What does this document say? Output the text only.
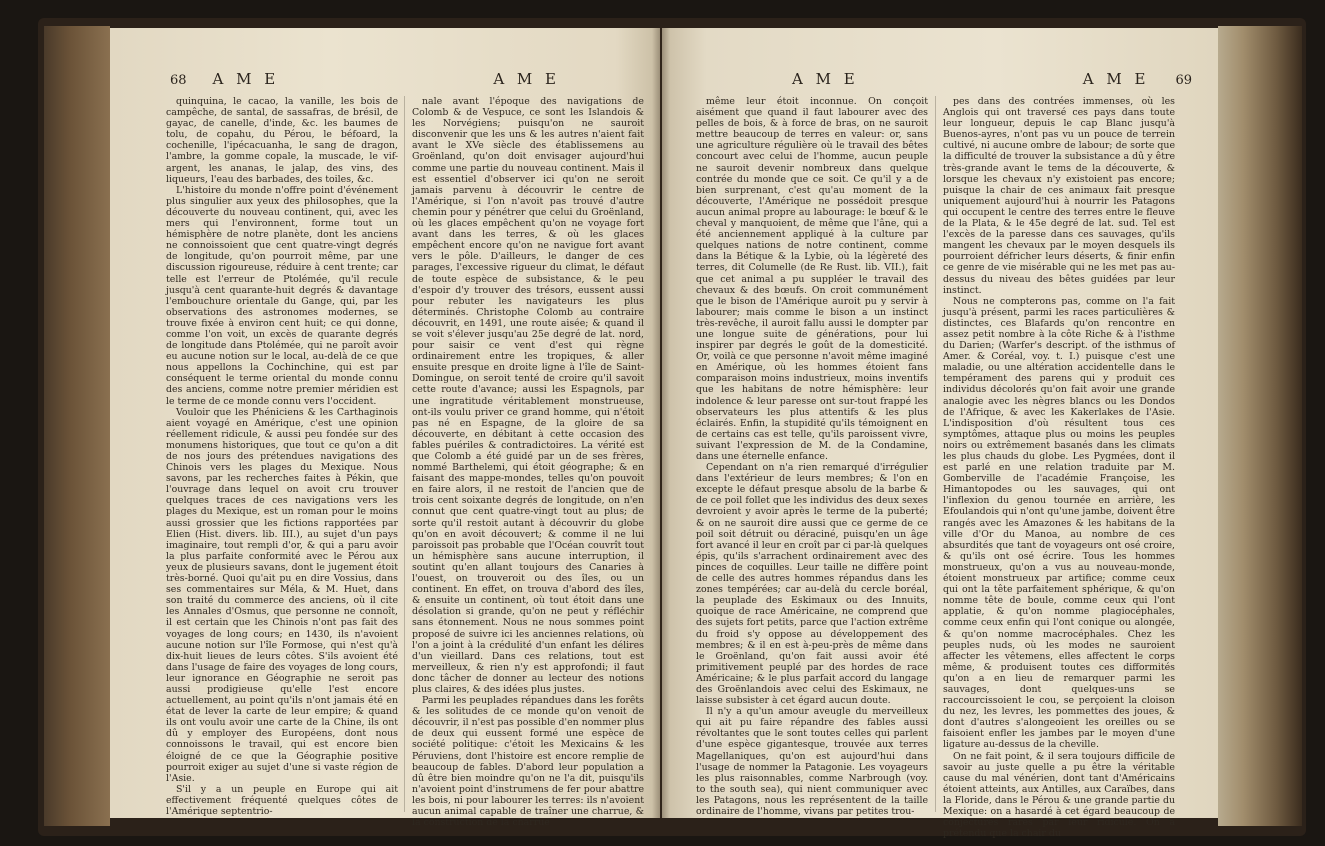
68 A M E	A M E

quinquina, le cacao, la vanille, les bois de campêche, de santal, de sassafras, de brésil, de gayac, de canelle, d'inde, &c. les baumes de tolu, de copahu, du Pérou, le béfoard, la cochenille, l'ipécacuanha, le sang de dragon, l'ambre, la gomme copale, la muscade, le vif-argent, les ananas, le jalap, des vins, des liqueurs, l'eau des barbades, des toiles, &c.

L'histoire du monde n'offre point d'événement plus singulier aux yeux des philosophes, que la découverte du nouveau continent, qui, avec les mers qui l'environnent, forme tout un hémisphère de notre planète, dont les anciens ne connoissoient que cent quatre-vingt degrés de longitude, qu'on pourroit même, par une discussion rigoureuse, réduire à cent trente; car telle est l'erreur de Ptolémée, qu'il recule jusqu'à cent quarante-huit degrés & davantage l'embouchure orientale du Gange, qui, par les observations des astronomes modernes, se trouve fixée à environ cent huit; ce qui donne, comme l'on voit, un excès de quarante degrés de longitude dans Ptolémée, qui ne paroît avoir eu aucune notion sur le local, au-delà de ce que nous appellons la Cochinchine, qui est par conséquent le terme oriental du monde connu des anciens, comme notre premier méridien est le terme de ce monde connu vers l'occident.

Vouloir que les Phéniciens & les Carthaginois aient voyagé en Amérique, c'est une opinion réellement ridicule, & aussi peu fondée sur des monumens historiques, que tout ce qu'on a dit de nos jours des prétendues navigations des Chinois vers les plages du Mexique. Nous savons, par les recherches faites à Pékin, que l'ouvrage dans lequel on avoit cru trouver quelques traces de ces navigations vers les plages du Mexique, est un roman pour le moins aussi grossier que les fictions rapportées par Elien (Hist. divers. lib. III.), au sujet d'un pays imaginaire, tout rempli d'or, & qui a paru avoir la plus parfaite conformité avec le Pérou aux yeux de plusieurs savans, dont le jugement étoit très-borné. Quoi qu'ait pu en dire Vossius, dans ses commentaires sur Méla, & M. Huet, dans son traité du commerce des anciens, où il cite les Annales d'Osmus, que personne ne connoît, il est certain que les Chinois n'ont pas fait des voyages de long cours; en 1430, ils n'avoient aucune notion sur l'île Formose, qui n'est qu'à dix-huit lieues de leurs côtes. S'ils avoient été dans l'usage de faire des voyages de long cours, leur ignorance en Géographie ne seroit pas aussi prodigieuse qu'elle l'est encore actuellement, au point qu'ils n'ont jamais été en état de lever la carte de leur empire; & quand ils ont voulu avoir une carte de la Chine, ils ont dû y employer des Européens, dont nous connoissons le travail, qui est encore bien éloigné de ce que la Géographie positive pourroit exiger au sujet d'une si vaste région de l'Asie.

S'il y a un peuple en Europe qui ait effectivement fréquenté quelques côtes de l'Amérique septentrio-

nale avant l'époque des navigations de Colomb & de Vespuce, ce sont les Islandois & les Norvégiens; puisqu'on ne sauroit disconvenir que les uns & les autres n'aient fait avant le XVe siècle des établissemens au Groënland, qu'on doit envisager aujourd'hui comme une partie du nouveau continent. Mais il est essentiel d'observer ici qu'on ne seroit jamais parvenu à découvrir le centre de l'Amérique, si l'on n'avoit pas trouvé d'autre chemin pour y pénétrer que celui du Groënland, où les glaces empêchent qu'on ne voyage fort avant dans les terres, & où les glaces empêchent encore qu'on ne navigue fort avant vers le pôle. D'ailleurs, le danger de ces parages, l'excessive rigueur du climat, le défaut de toute espèce de subsistance, & le peu d'espoir d'y trouver des trésors, eussent aussi pour rebuter les navigateurs les plus déterminés. Christophe Colomb au contraire découvrit, en 1491, une route aisée; & quand il se voit s'élever jusqu'au 25e degré de lat. nord, pour saisir ce vent d'est qui règne ordinairement entre les tropiques, & aller ensuite presque en droite ligne à l'île de Saint-Domingue, on seroit tenté de croire qu'il savoit cette route d'avance; aussi les Espagnols, par une ingratitude véritablement monstrueuse, ont-ils voulu priver ce grand homme, qui n'étoit pas né en Espagne, de la gloire de sa découverte, en débitant à cette occasion des fables puériles & contradictoires. La vérité est que Colomb a été guidé par un de ses frères, nommé Barthelemi, qui étoit géographe; & en faisant des mappe-mondes, telles qu'on pouvoit en faire alors, il ne restoit de l'ancien que de trois cent soixante degrés de longitude, on n'en connut que cent quatre-vingt tout au plus; de sorte qu'il restoit autant à découvrir du globe qu'on en avoit découvert; & comme il ne lui paroissoit pas probable que l'Océan couvrît tout un hémisphère sans aucune interruption, il soutint qu'en allant toujours des Canaries à l'ouest, on trouveroit ou des îles, ou un continent. En effet, on trouva d'abord des îles, & ensuite un continent, où tout étoit dans une désolation si grande, qu'on ne peut y réfléchir sans étonnement. Nous ne nous sommes point proposé de suivre ici les anciennes relations, où l'on a joint à la crédulité d'un enfant les délires d'un vieillard. Dans ces relations, tout est merveilleux, & rien n'y est approfondi; il faut donc tâcher de donner au lecteur des notions plus claires, & des idées plus justes.

Parmi les peuplades répandues dans les forêts & les solitudes de ce monde qu'on venoit de découvrir, il n'est pas possible d'en nommer plus de deux qui eussent formé une espèce de société politique: c'étoit les Mexicains & les Péruviens, dont l'histoire est encore remplie de beaucoup de fables. D'abord leur population a dû être bien moindre qu'on ne l'a dit, puisqu'ils n'avoient point d'instrumens de fer pour abattre les bois, ni pour labourer les terres: ils n'avoient aucun animal capable de traîner une charrue, & la construction de la charrue

A M E	A M E 69

même leur étoit inconnue. On conçoit aisément que quand il faut labourer avec des pelles de bois, & à force de bras, on ne sauroit mettre beaucoup de terres en valeur: or, sans une agriculture régulière où le travail des bêtes concourt avec celui de l'homme, aucun peuple ne sauroit devenir nombreux dans quelque contrée du monde que ce soit. Ce qu'il y a de bien surprenant, c'est qu'au moment de la découverte, l'Amérique ne possédoit presque aucun animal propre au labourage: le bœuf & le cheval y manquoient, de même que l'âne, qui a été anciennement appliqué à la culture par quelques nations de notre continent, comme dans la Bétique & la Lybie, où la légèreté des terres, dit Columelle (de Re Rust. lib. VII.), fait que cet animal a pu suppléer le travail des chevaux & des bœufs. On croit communément que le bison de l'Amérique auroit pu y servir à labourer; mais comme le bison a un instinct très-revêche, il auroit fallu aussi le dompter par une longue suite de générations, pour lui inspirer par degrés le goût de la domesticité. Or, voilà ce que personne n'avoit même imaginé en Amérique, où les hommes étoient fans comparaison moins industrieux, moins inventifs que les habitans de notre hémisphère: leur indolence & leur paresse ont sur-tout frappé les observateurs les plus attentifs & les plus éclairés. Enfin, la stupidité qu'ils témoignent en de certains cas est telle, qu'ils paroissent vivre, suivant l'expression de M. de la Condamine, dans une éternelle enfance.

Cependant on n'a rien remarqué d'irrégulier dans l'extérieur de leurs membres; & l'on en excepte le défaut presque absolu de la barbe & de ce poil follet que les individus des deux sexes devroient y avoir après le terme de la puberté; & on ne sauroit dire aussi que ce germe de ce poil soit détruit ou déraciné, puisqu'en un âge fort avancé il leur en croît par ci par-là quelques épis, qu'ils s'arrachent ordinairement avec des pinces de coquilles. Leur taille ne diffère point de celle des autres hommes répandus dans les zones tempérées; car au-delà du cercle boréal, la peuplade des Eskimaux ou des Innuits, quoique de race Américaine, ne comprend que des sujets fort petits, parce que l'action extrême du froid s'y oppose au développement des membres; & il en est à-peu-près de même dans le Groënland, qu'on fait aussi avoir été primitivement peuplé par des hordes de race Américaine; & le plus parfait accord du langage des Groënlandois avec celui des Eskimaux, ne laisse subsister à cet égard aucun doute.

Il n'y a qu'un amour aveugle du merveilleux qui ait pu faire répandre des fables aussi révoltantes que le sont toutes celles qui parlent d'une espèce gigantesque, trouvée aux terres Magellaniques, qu'on est aujourd'hui dans l'usage de nommer la Patagonie. Les voyageurs les plus raisonnables, comme Narbrough (voy. to the south sea), qui nient communiquer avec les Patagons, nous les représentent de la taille ordinaire de l'homme, vivans par petites trou-

pes dans des contrées immenses, où les Anglois qui ont traversé ces pays dans toute leur longueur, depuis le cap Blanc jusqu'à Buenos-ayres, n'ont pas vu un pouce de terrein cultivé, ni aucune ombre de labour; de sorte que la difficulté de trouver la subsistance a dû y être très-grande avant le tems de la découverte, & lorsque les chevaux n'y existoient pas encore; puisque la chair de ces animaux fait presque uniquement aujourd'hui à nourrir les Patagons qui occupent le centre des terres entre le fleuve de la Plata, & le 45e degré de lat. sud. Tel est l'excès de la paresse dans ces sauvages, qu'ils mangent les chevaux par le moyen desquels ils pourroient défricher leurs déserts, & finir enfin ce genre de vie misérable qui ne les met pas au-dessus du niveau des bêtes guidées par leur instinct.

Nous ne compterons pas, comme on l'a fait jusqu'à présent, parmi les races particulières & distinctes, ces Blafards qu'on rencontre en assez petit nombre à la côte Riche & à l'isthme du Darien; (Warfer's descript. of the isthmus of Amer. & Coréal, voy. t. I.) puisque c'est une maladie, ou une altération accidentelle dans le tempérament des parens qui y produit ces individus décolorés qu'on fait avoir une grande analogie avec les nègres blancs ou les Dondos de l'Afrique, & avec les Kakerlakes de l'Asie. L'indisposition d'où résultent tous ces symptômes, attaque plus ou moins les peuples noirs ou extrêmement basanés dans les climats les plus chauds du globe. Les Pygmées, dont il est parlé en une relation traduite par M. Gomberville de l'académie Françoise, les Himantopodes ou les sauvages, qui ont l'inflexion du genou tournée en arrière, les Efoulandois qui n'ont qu'une jambe, doivent être rangés avec les Amazones & les habitans de la ville d'Or du Manoa, au nombre de ces absurdités que tant de voyageurs ont osé croire, & qu'ils ont osé écrire. Tous les hommes monstrueux, qu'on a vus au nouveau-monde, étoient monstrueux par artifice; comme ceux qui ont la tête parfaitement sphérique, & qu'on nomme tête de boule, comme ceux qui l'ont applatie, & qu'on nomme plagiocéphales, comme ceux enfin qui l'ont conique ou alongée, & qu'on nomme macrocéphales. Chez les peuples nuds, où les modes ne sauroient affecter les vêtemens, elles affectent le corps même, & produisent toutes ces difformités qu'on a en lieu de remarquer parmi les sauvages, dont quelques-uns se raccourcissoient le cou, se perçoient la cloison du nez, les levres, les pommettes des joues, & dont d'autres s'alongeoient les oreilles ou se faisoient enfler les jambes par le moyen d'une ligature au-dessus de la cheville.

On ne fait point, & il sera toujours difficile de savoir au juste quelle a pu être la véritable cause du mal vénérien, dont tant d'Américains étoient atteints, aux Antilles, aux Caraïbes, dans la Floride, dans le Pérou & une grande partie du Mexique: on a hasardé à cet égard beaucoup de conjectures rares par leur ridicule. On a prétendu que la chair du
